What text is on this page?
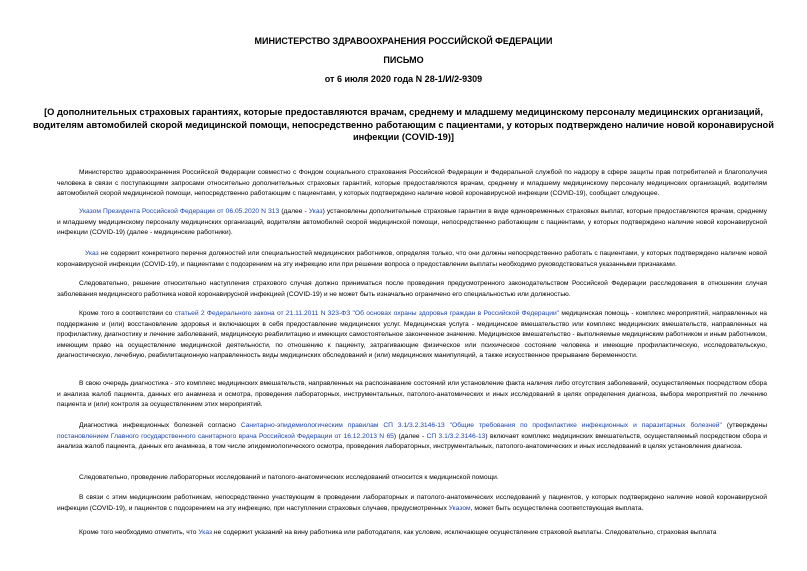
МИНИСТЕРСТВО ЗДРАВООХРАНЕНИЯ РОССИЙСКОЙ ФЕДЕРАЦИИ
ПИСЬМО
от 6 июля 2020 года N 28-1/И/2-9309
[О дополнительных страховых гарантиях, которые предоставляются врачам, среднему и младшему медицинскому персоналу медицинских организаций, водителям автомобилей скорой медицинской помощи, непосредственно работающим с пациентами, у которых подтверждено наличие новой коронавирусной инфекции (COVID-19)]

Министерство здравоохранения Российской Федерации совместно с Фондом социального страхования Российской Федерации и Федеральной службой по надзору в сфере защиты прав потребителей и благополучия человека в связи с поступающими запросами относительно дополнительных страховых гарантий, которые предоставляются врачам, среднему и младшему медицинскому персоналу медицинских организаций, водителям автомобилей скорой медицинской помощи, непосредственно работающим с пациентами, у которых подтверждено наличие новой коронавирусной инфекции (COVID-19), сообщает следующее.

Указом Президента Российской Федерации от 06.05.2020 N 313 (далее - Указ) установлены дополнительные страховые гарантии в виде единовременных страховых выплат, которые предоставляются врачам, среднему и младшему медицинскому персоналу медицинских организаций, водителям автомобилей скорой медицинской помощи, непосредственно работающим с пациентами, у которых подтверждено наличие новой коронавирусной инфекции (COVID-19) (далее - медицинские работники).

Указ не содержит конкретного перечня должностей или специальностей медицинских работников, определяя только, что они должны непосредственно работать с пациентами, у которых подтверждено наличие новой коронавирусной инфекции (COVID-19), и пациентами с подозрением на эту инфекцию или при решении вопроса о предоставлении выплаты необходимо руководствоваться указанными признаками.

Следовательно, решение относительно наступления страхового случая должно приниматься после проведения предусмотренного законодательством Российской Федерации расследования в отношении случая заболевания медицинского работника новой коронавирусной инфекцией (COVID-19) и не может быть изначально ограничено его специальностью или должностью.

Кроме того в соответствии со статьей 2 Федерального закона от 21.11.2011 N 323-ФЗ "Об основах охраны здоровья граждан в Российской Федерации" медицинская помощь - комплекс мероприятий, направленных на поддержание и (или) восстановление здоровья и включающих в себя предоставление медицинских услуг. Медицинская услуга - медицинское вмешательство или комплекс медицинских вмешательств, направленных на профилактику, диагностику и лечение заболеваний, медицинскую реабилитацию и имеющих самостоятельное законченное значение. Медицинское вмешательство - выполняемые медицинским работником и иным работником, имеющим право на осуществление медицинской деятельности, по отношению к пациенту, затрагивающие физическое или психическое состояние человека и имеющие профилактическую, исследовательскую, диагностическую, лечебную, реабилитационную направленность виды медицинских обследований и (или) медицинских манипуляций, а также искусственное прерывание беременности.

В свою очередь диагностика - это комплекс медицинских вмешательств, направленных на распознавание состояний или установление факта наличия либо отсутствия заболеваний, осуществляемых посредством сбора и анализа жалоб пациента, данных его анамнеза и осмотра, проведения лабораторных, инструментальных, патолого-анатомических и иных исследований в целях определения диагноза, выбора мероприятий по лечению пациента и (или) контроля за осуществлением этих мероприятий.

Диагностика инфекционных болезней согласно Санитарно-эпидемиологическим правилам СП 3.1/3.2.3146-13 "Общие требования по профилактике инфекционных и паразитарных болезней" (утверждены постановлением Главного государственного санитарного врача Российской Федерации от 16.12.2013 N 65) (далее - СП 3.1/3.2.3146-13) включает комплекс медицинских вмешательств, осуществляемый посредством сбора и анализа жалоб пациента, данных его анамнеза, в том числе эпидемиологического осмотра, проведения лабораторных, инструментальных, патолого-анатомических и иных исследований в целях установления диагноза.

Следовательно, проведение лабораторных исследований и патолого-анатомических исследований относится к медицинской помощи.

В связи с этим медицинским работникам, непосредственно участвующим в проведении лабораторных и патолого-анатомических исследований у пациентов, у которых подтверждено наличие новой коронавирусной инфекции (COVID-19), и пациентов с подозрением на эту инфекцию, при наступлении страховых случаев, предусмотренных Указом, может быть осуществлена соответствующая выплата.

Кроме того необходимо отметить, что Указ не содержит указаний на вину работника или работодателя, как условие, исключающее осуществление страховой выплаты. Следовательно, страховая выплата
